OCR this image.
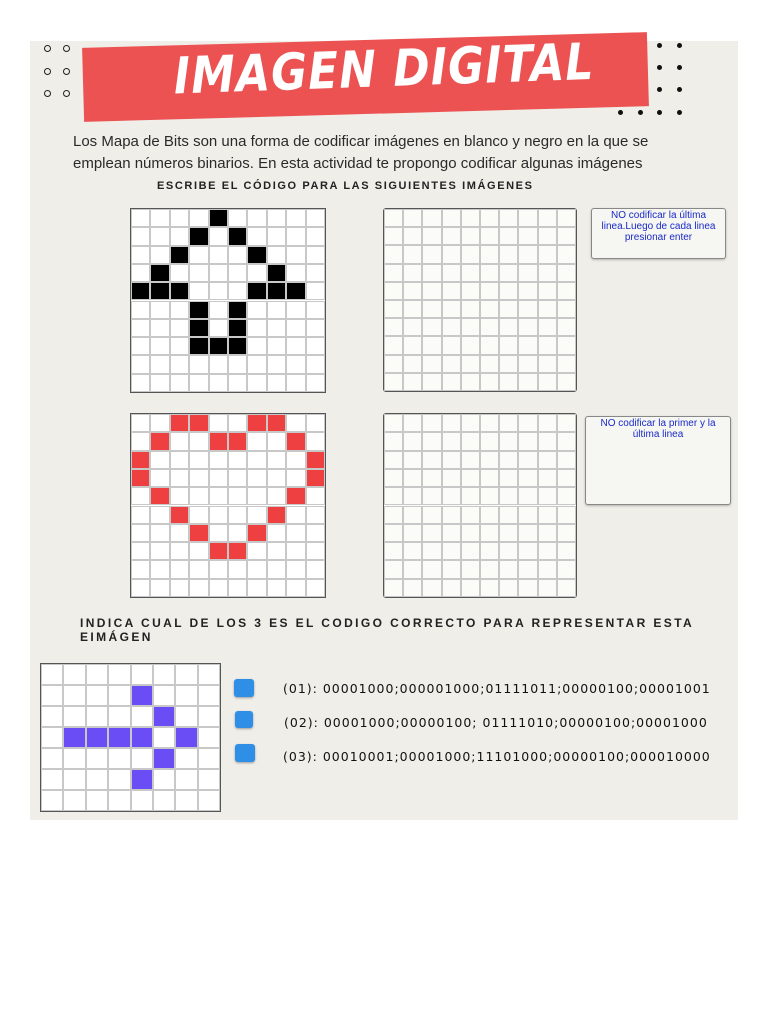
IMAGEN DIGITAL
Los Mapa de Bits son una forma de codificar imágenes en blanco y negro en la que se
emplean números binarios. En esta actividad te propongo codificar algunas imágenes
ESCRIBE EL CÓDIGO PARA LAS SIGUIENTES IMÁGENES
NO codificar la última linea.Luego de cada linea presionar enter
NO codificar la primer y la última linea
INDICA CUAL DE LOS 3 ES EL CODIGO CORRECTO PARA REPRESENTAR ESTA EIMÁGEN
(01): 00001000;000001000;01111011;00000100;00001001
(02): 00001000;00000100; 01111010;00000100;00001000
(03): 00010001;00001000;11101000;00000100;000010000
